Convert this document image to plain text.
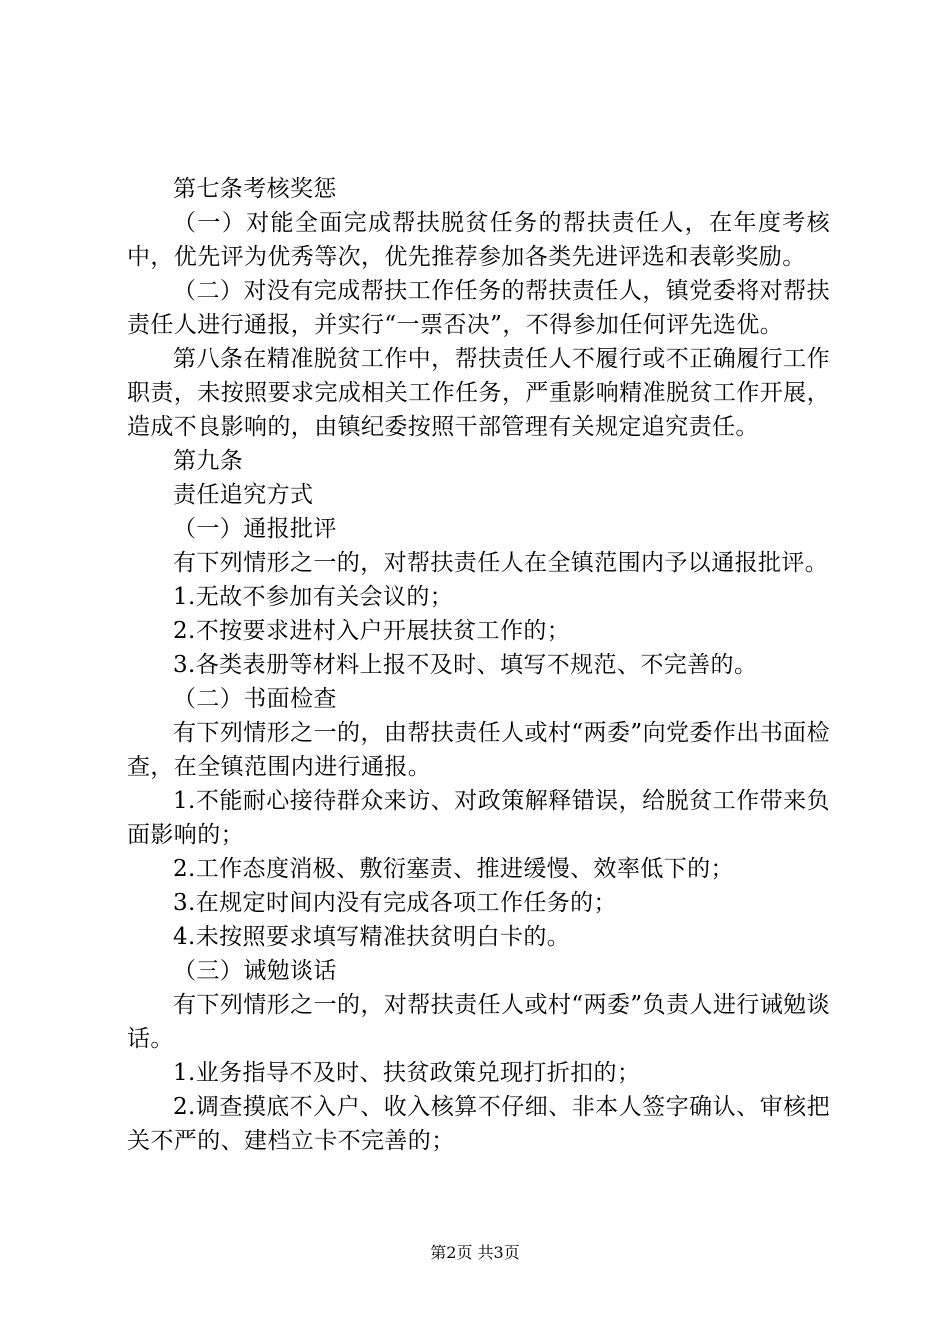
第七条考核奖惩

（一）对能全面完成帮扶脱贫任务的帮扶责任人，在年度考核中，优先评为优秀等次，优先推荐参加各类先进评选和表彰奖励。

（二）对没有完成帮扶工作任务的帮扶责任人，镇党委将对帮扶责任人进行通报，并实行“一票否决”，不得参加任何评先选优。

第八条在精准脱贫工作中，帮扶责任人不履行或不正确履行工作职责，未按照要求完成相关工作任务，严重影响精准脱贫工作开展，造成不良影响的，由镇纪委按照干部管理有关规定追究责任。

第九条

责任追究方式

（一）通报批评

有下列情形之一的，对帮扶责任人在全镇范围内予以通报批评。

1.无故不参加有关会议的；

2.不按要求进村入户开展扶贫工作的；

3.各类表册等材料上报不及时、填写不规范、不完善的。

（二）书面检查

有下列情形之一的，由帮扶责任人或村“两委”向党委作出书面检查，在全镇范围内进行通报。

1.不能耐心接待群众来访、对政策解释错误，给脱贫工作带来负面影响的；

2.工作态度消极、敷衍塞责、推进缓慢、效率低下的；

3.在规定时间内没有完成各项工作任务的；

4.未按照要求填写精准扶贫明白卡的。

（三）诫勉谈话

有下列情形之一的，对帮扶责任人或村“两委”负责人进行诫勉谈话。

1.业务指导不及时、扶贫政策兑现打折扣的；

2.调查摸底不入户、收入核算不仔细、非本人签字确认、审核把关不严的、建档立卡不完善的；

第2页 共3页
